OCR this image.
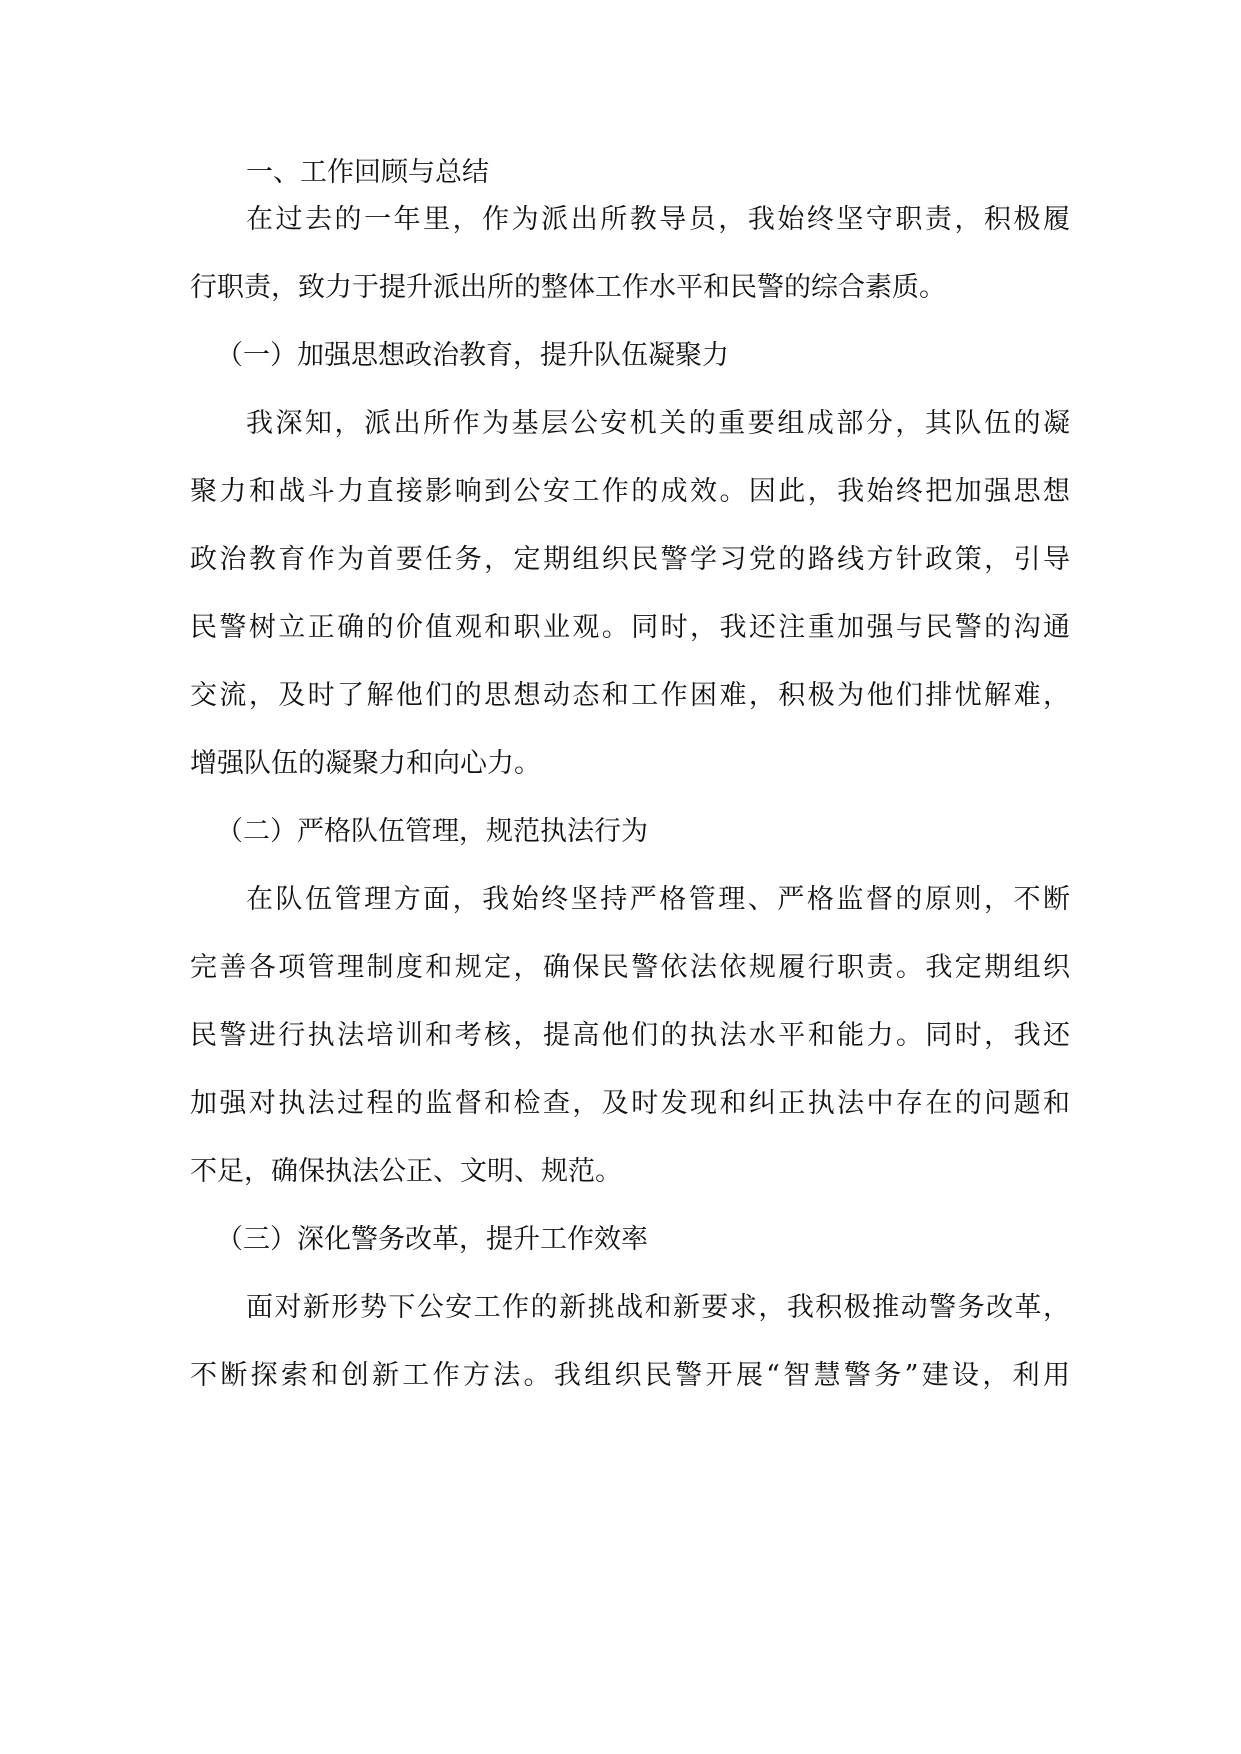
一、工作回顾与总结
在过去的一年里，作为派出所教导员，我始终坚守职责，积极履
行职责，致力于提升派出所的整体工作水平和民警的综合素质。
（一）加强思想政治教育，提升队伍凝聚力
我深知，派出所作为基层公安机关的重要组成部分，其队伍的凝
聚力和战斗力直接影响到公安工作的成效。因此，我始终把加强思想
政治教育作为首要任务，定期组织民警学习党的路线方针政策，引导
民警树立正确的价值观和职业观。同时，我还注重加强与民警的沟通
交流，及时了解他们的思想动态和工作困难，积极为他们排忧解难，
增强队伍的凝聚力和向心力。
（二）严格队伍管理，规范执法行为
在队伍管理方面，我始终坚持严格管理、严格监督的原则，不断
完善各项管理制度和规定，确保民警依法依规履行职责。我定期组织
民警进行执法培训和考核，提高他们的执法水平和能力。同时，我还
加强对执法过程的监督和检查，及时发现和纠正执法中存在的问题和
不足，确保执法公正、文明、规范。
（三）深化警务改革，提升工作效率
面对新形势下公安工作的新挑战和新要求，我积极推动警务改革，
不断探索和创新工作方法。我组织民警开展“智慧警务”建设，利用
